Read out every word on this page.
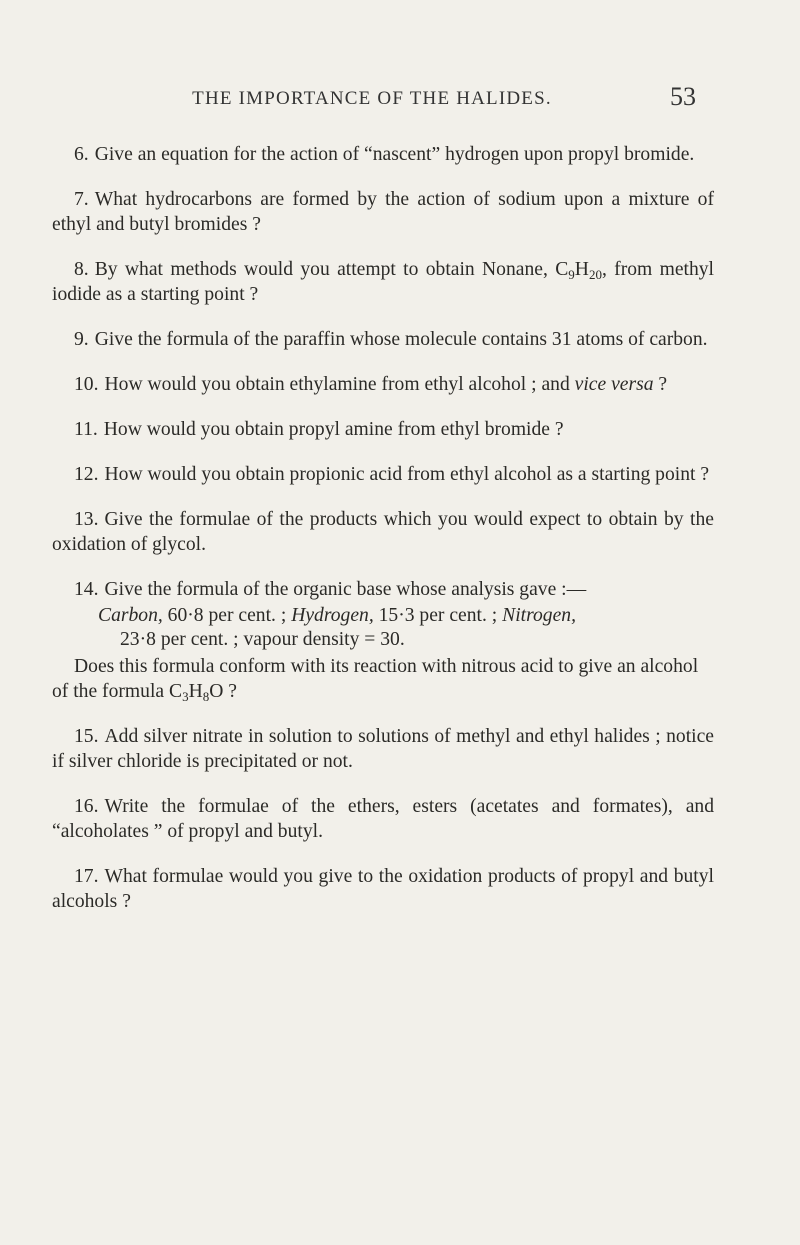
THE IMPORTANCE OF THE HALIDES.	53

6. Give an equation for the action of “nascent” hydrogen upon propyl bromide.

7. What hydrocarbons are formed by the action of sodium upon a mixture of ethyl and butyl bromides ?

8. By what methods would you attempt to obtain Nonane, $C_9H_{20}$, from methyl iodide as a starting point ?

9. Give the formula of the paraffin whose molecule contains 31 atoms of carbon.

10. How would you obtain ethylamine from ethyl alcohol ; and vice versa ?

11. How would you obtain propyl amine from ethyl bromide ?

12. How would you obtain propionic acid from ethyl alcohol as a starting point ?

13. Give the formulae of the products which you would expect to obtain by the oxidation of glycol.

14. Give the formula of the organic base whose analysis gave :—

Carbon, 60·8 per cent. ; Hydrogen, 15·3 per cent. ; Nitrogen,
23·8 per cent. ; vapour density = 30.

Does this formula conform with its reaction with nitrous acid to give an alcohol of the formula $C_3H_8O$ ?

15. Add silver nitrate in solution to solutions of methyl and ethyl halides ; notice if silver chloride is precipitated or not.

16. Write the formulae of the ethers, esters (acetates and formates), and “alcoholates ” of propyl and butyl.

17. What formulae would you give to the oxidation products of propyl and butyl alcohols ?
